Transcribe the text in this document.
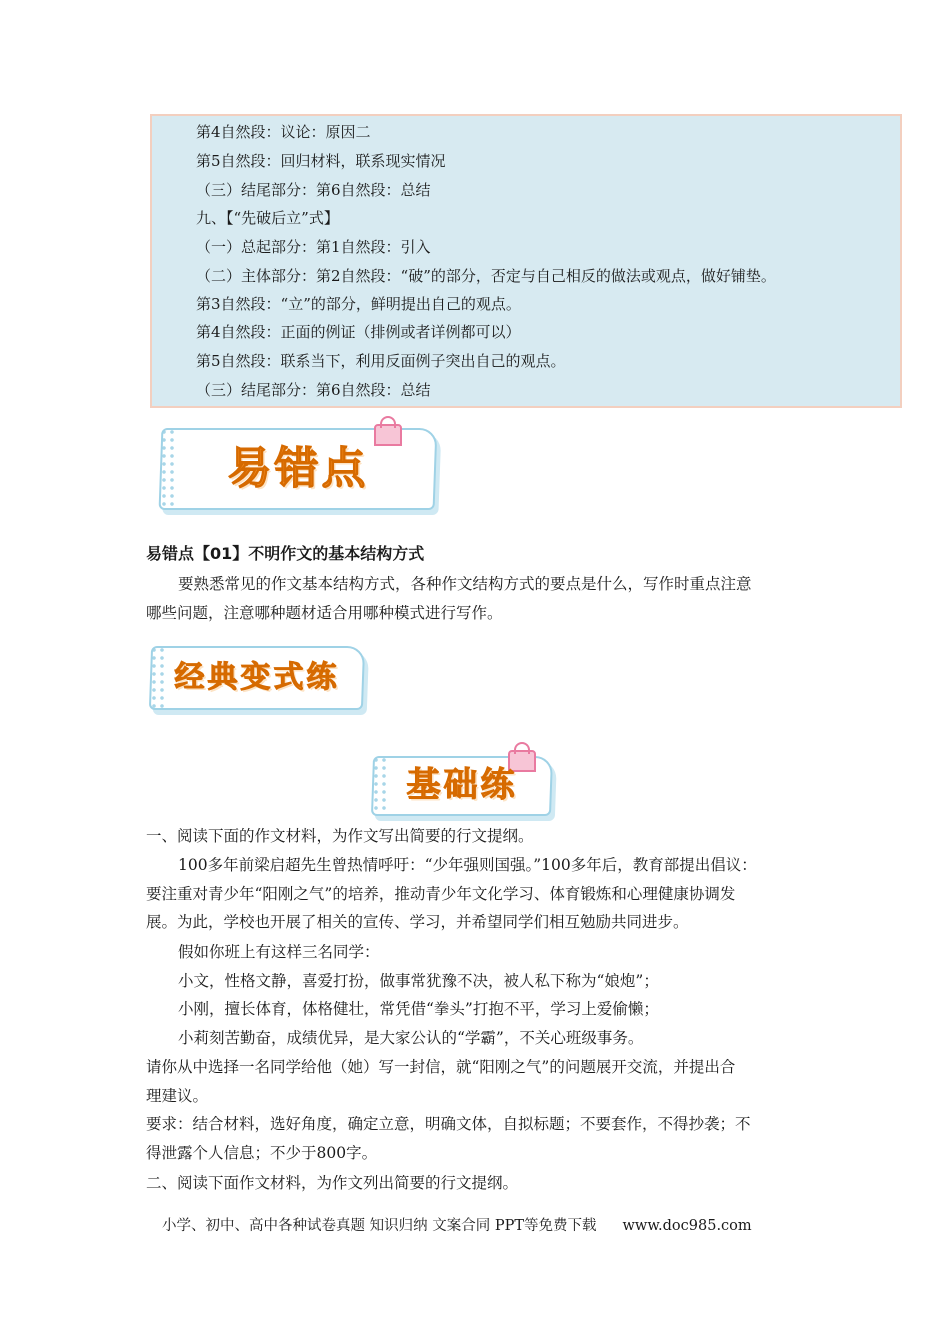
第4自然段：议论：原因二
第5自然段：回归材料，联系现实情况
（三）结尾部分：第6自然段：总结
九、【“先破后立”式】
（一）总起部分：第1自然段：引入
（二）主体部分：第2自然段：“破”的部分，否定与自己相反的做法或观点，做好铺垫。
第3自然段：“立”的部分，鲜明提出自己的观点。
第4自然段：正面的例证（排例或者详例都可以）
第5自然段：联系当下，利用反面例子突出自己的观点。
（三）结尾部分：第6自然段：总结
易错点
易错点【01】不明作文的基本结构方式
要熟悉常见的作文基本结构方式，各种作文结构方式的要点是什么，写作时重点注意
哪些问题，注意哪种题材适合用哪种模式进行写作。
经典变式练
基础练
一、阅读下面的作文材料，为作文写出简要的行文提纲。
100多年前梁启超先生曾热情呼吁：“少年强则国强。”100多年后，教育部提出倡议：
要注重对青少年“阳刚之气”的培养，推动青少年文化学习、体育锻炼和心理健康协调发
展。为此，学校也开展了相关的宣传、学习，并希望同学们相互勉励共同进步。
假如你班上有这样三名同学：
小文，性格文静，喜爱打扮，做事常犹豫不决，被人私下称为“娘炮”；
小刚，擅长体育，体格健壮，常凭借“拳头”打抱不平，学习上爱偷懒；
小莉刻苦勤奋，成绩优异，是大家公认的“学霸”，不关心班级事务。
请你从中选择一名同学给他（她）写一封信，就“阳刚之气”的问题展开交流，并提出合
理建议。
要求：结合材料，选好角度，确定立意，明确文体，自拟标题；不要套作，不得抄袭；不
得泄露个人信息；不少于800字。
二、阅读下面作文材料，为作文列出简要的行文提纲。
小学、初中、高中各种试卷真题 知识归纳 文案合同 PPT等免费下载 www.doc985.com
